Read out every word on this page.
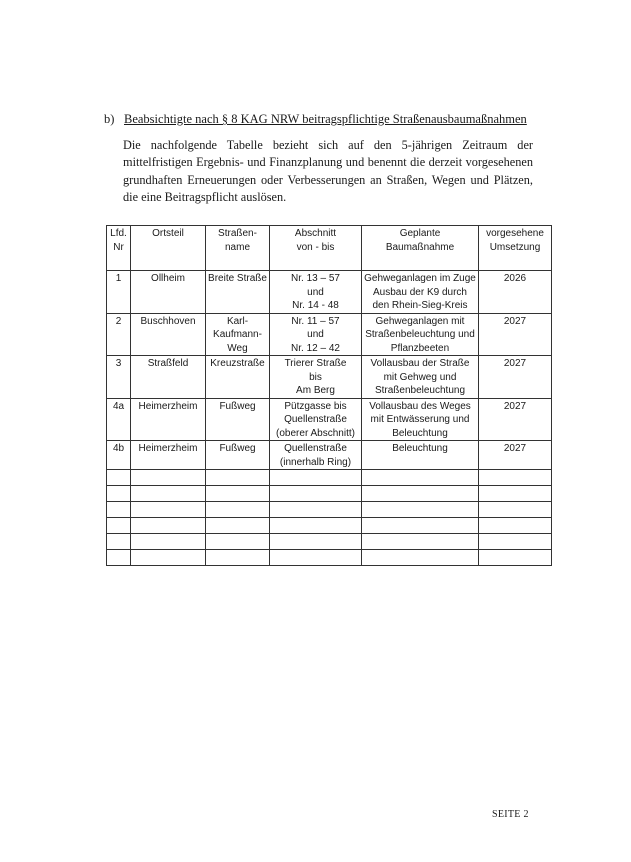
b) Beabsichtigte nach § 8 KAG NRW beitragspflichtige Straßenausbaumaßnahmen

Die nachfolgende Tabelle bezieht sich auf den 5-jährigen Zeitraum der mittelfristigen Ergebnis- und Finanzplanung und benennt die derzeit vorgesehenen grundhaften Erneuerungen oder Verbesserungen an Straßen, Wegen und Plätzen, die eine Beitragspflicht auslösen.

Lfd.
Nr	Ortsteil	Straßen-
name	Abschnitt
von - bis	Geplante
Baumaßnahme	vorgesehene
Umsetzung
1	Ollheim	Breite Straße	Nr. 13 – 57
und
Nr. 14 - 48	Gehweganlagen im Zuge
Ausbau der K9 durch
den Rhein-Sieg-Kreis	2026
2	Buschhoven	Karl-
Kaufmann-
Weg	Nr. 11 – 57
und
Nr. 12 – 42	Gehweganlagen mit
Straßenbeleuchtung und
Pflanzbeeten	2027
3	Straßfeld	Kreuzstraße	Trierer Straße
bis
Am Berg	Vollausbau der Straße
mit Gehweg und
Straßenbeleuchtung	2027
4a	Heimerzheim	Fußweg	Pützgasse bis
Quellenstraße
(oberer Abschnitt)	Vollausbau des Weges
mit Entwässerung und
Beleuchtung	2027
4b	Heimerzheim	Fußweg	Quellenstraße
(innerhalb Ring)	Beleuchtung	2027

SEITE 2
